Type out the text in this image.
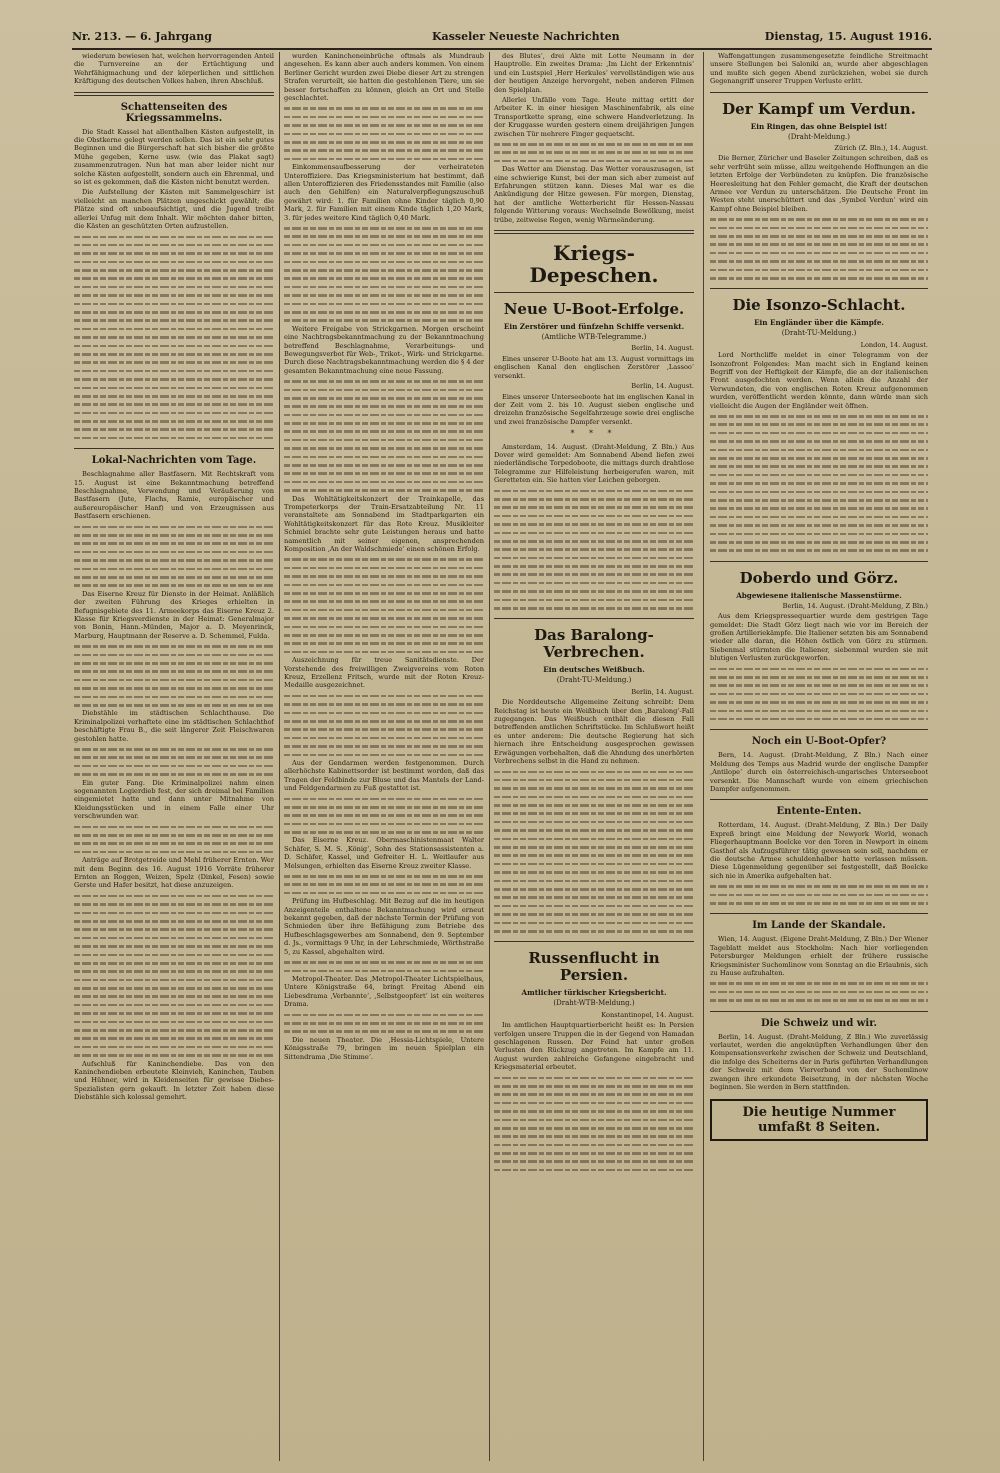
Nr. 213. — 6. Jahrgang	Kasseler Neueste Nachrichten	Dienstag, 15. August 1916.

wiederum bewiesen hat, welchen hervorragenden Anteil die Turnvereine an der Ertüchtigung und Wehrfähigmachung und der körperlichen und sittlichen Kräftigung des deutschen Volkes haben, ihren Abschluß.

Schattenseiten des Kriegssammelns.

Die Stadt Kassel hat allenthalben Kästen aufgestellt, in die Obstkerne gelegt werden sollen. Das ist ein sehr gutes Beginnen und die Bürgerschaft hat sich bisher die größte Mühe gegeben, Kerne usw. (wie das Plakat sagt) zusammenzutragen. Nun hat man aber leider nicht nur solche Kästen aufgestellt, sondern auch ein Ehrenmal, und so ist es gekommen, daß die Kästen nicht benutzt werden.

Die Aufstellung der Kästen mit Sammelgeschirr ist vielleicht an manchen Plätzen ungeschickt gewählt; die Plätze sind oft unbeaufsichtigt, und die Jugend treibt allerlei Unfug mit dem Inhalt. Wir möchten daher bitten, die Kästen an geschützten Orten aufzustellen.

Lokal-Nachrichten vom Tage.

Beschlagnahme aller Bastfasern. Mit Rechtskraft vom 15. August ist eine Bekanntmachung betreffend Beschlagnahme, Verwendung und Veräußerung von Bastfasern (Jute, Flachs, Ramie, europäischer und außereuropäischer Hanf) und von Erzeugnissen aus Bastfasern erschienen.

Das Eiserne Kreuz für Dienste in der Heimat. Anläßlich der zweiten Führung des Krieges erhielten in Befugnisgebiete des 11. Armeekorps das Eiserne Kreuz 2. Klasse für Kriegsverdienste in der Heimat: Generalmajor von Bonin, Hann.-Münden, Major a. D. Meyenrinck, Marburg, Hauptmann der Reserve a. D. Schemmel, Fulda.

Diebstähle im städtischen Schlachthause. Die Kriminalpolizei verhaftete eine im städtischen Schlachthof beschäftigte Frau B., die seit längerer Zeit Fleischwaren gestohlen hatte.

Ein guter Fang. Die Kriminalpolizei nahm einen sogenannten Logierdieb fest, der sich dreimal bei Familien eingemietet hatte und dann unter Mitnahme von Kleidungsstücken und in einem Falle einer Uhr verschwunden war.

Anträge auf Brotgetreide und Mehl früherer Ernten. Wer mit dem Beginn des 16. August 1916 Vorräte früherer Ernten an Roggen, Weizen, Spelz (Dinkel, Fesen) sowie Gerste und Hafer besitzt, hat diese anzuzeigen.

Aufschluß für Kaninchendiebe. Das von den Kaninchendieben erbeutete Kleinvieh, Kaninchen, Tauben und Hühner, wird in Kleidenseiten für gewisse Diebes-Spezialisten gern gekauft. In letzter Zeit haben diese Diebstähle sich kolossal gemehrt.

wurden Kanincheneinbrüche oftmals als Mundraub angesehen. Es kann aber auch anders kommen. Von einem Berliner Gericht wurden zwei Diebe dieser Art zu strengen Strafen verurteilt, sie hatten die gestohlenen Tiere, um sie besser fortschaffen zu können, gleich an Ort und Stelle geschlachtet.

Einkommensaufbesserung der verheirateten Unteroffiziere. Das Kriegsministerium hat bestimmt, daß allen Unteroffizieren des Friedensstandes mit Familie (also auch den Gehilfen) ein Naturalverpflegungszuschuß gewährt wird: 1. für Familien ohne Kinder täglich 0,90 Mark, 2. für Familien mit einem Kinde täglich 1,20 Mark, 3. für jedes weitere Kind täglich 0,40 Mark.

Weitere Freigabe von Strickgarnen. Morgen erscheint eine Nachtragsbekanntmachung zu der Bekanntmachung betreffend Beschlagnahme, Verarbeitungs- und Bewegungsverbot für Web-, Trikot-, Wirk- und Strickgarne. Durch diese Nachtragsbekanntmachung werden die § 4 der gesamten Bekanntmachung eine neue Fassung.

Das Wohltätigkeitskonzert der Trainkapelle, das Trompeterkorps der Train-Ersatzabteilung Nr. 11 veranstaltete am Sonnabend im Stadtparkgarten ein Wohltätigkeitskonzert für das Rote Kreuz. Musikleiter Schmiel brachte sehr gute Leistungen heraus und hatte namentlich mit seiner eigenen, ansprechenden Komposition ‚An der Waldschmiede‘ einen schönen Erfolg.

Auszeichnung für treue Sanitätsdienste. Der Vorstehende des freiwilligen Zweigvereins vom Roten Kreuz, Erzellenz Fritsch, wurde mit der Roten Kreuz-Medaille ausgezeichnet.

Aus der Gendarmen werden festgenommen. Durch allerhöchste Kabinettsorder ist bestimmt worden, daß das Tragen der Feldbinde zur Bluse und das Mantels der Land- und Feldgendarmen zu Fuß gestattet ist.

Das Eiserne Kreuz. Obermaschinistenmaat Walter Schäfer, S. M. S. ‚König‘, Sohn des Stationsassistenten a. D. Schäfer, Kassel, und Gefreiter H. L. Weitlaufer aus Melsungen, erhielten das Eiserne Kreuz zweiter Klasse.

Prüfung im Hufbeschlag. Mit Bezug auf die im heutigen Anzeigenteile enthaltene Bekanntmachung wird erneut bekannt gegeben, daß der nächste Termin der Prüfung von Schmieden über ihre Befähigung zum Betriebe des Hufbeschlagsgewerbes am Sonnabend, den 9. September d. Js., vormittags 9 Uhr, in der Lehrschmiede, Wörthstraße 5, zu Kassel, abgehalten wird.

Metropol-Theater. Das ‚Metropol-Theater Lichtspielhaus, Untere Königstraße 64, bringt Freitag Abend ein Liebesdrama ‚Verbannte‘, ‚Selbstgeopfert‘ ist ein weiteres Drama.

Die neuen Theater. Die ‚Hessia-Lichtspiele, Untere Königsstraße 79, bringen im neuen Spielplan ein Sittendrama ‚Die Stimme‘.

des Blutes‘, drei Akte mit Lotte Neumann in der Hauptrolle. Ein zweites Drama: ‚Im Licht der Erkenntnis‘ und ein Lustspiel ‚Herr Herkules‘ vervollständigen wie aus der heutigen Anzeige hervorgeht, neben anderen Filmen den Spielplan.

Allerlei Unfälle vom Tage. Heute mittag ertitt der Arbeiter K. in einer hiesigen Maschinenfabrik, als eine Transportkette sprang, eine schwere Handverletzung. In der Kruggasse wurden gestern einem dreijährigen Jungen zwischen Tür mehrere Finger gequetscht.

Das Wetter am Dienstag. Das Wetter vorauszusagen, ist eine schwierige Kunst, bei der man sich aber zumeist auf Erfahrungen stützen kann. Dieses Mal war es die Ankündigung der Hitze gewesen. Für morgen, Dienstag, hat der amtliche Wetterbericht für Hessen-Nassau folgende Witterung voraus: Wechselnde Bewölkung, meist trübe, zeitweise Regen, wenig Wärmeänderung.

Kriegs-Depeschen.
Neue U-Boot-Erfolge.
Ein Zerstörer und fünfzehn Schiffe versenkt.
(Amtliche WTB-Telegramme.)
Berlin, 14. August.

Eines unserer U-Boote hat am 13. August vormittags im englischen Kanal den englischen Zerstörer ‚Lassoo‘ versenkt.

Berlin, 14. August.

Eines unserer Unterseeboote hat im englischen Kanal in der Zeit vom 2. bis 10. August sieben englische und dreizehn französische Segelfahrzeuge sowie drei englische und zwei französische Dampfer versenkt.

* * *

Amsterdam, 14. August. (Draht-Meldung, Z Bln.) Aus Dover wird gemeldet: Am Sonnabend Abend liefen zwei niederländische Torpedoboote, die mittags durch drahtlose Telegramme zur Hilfeleistung herbeigerufen waren, mit Geretteten ein. Sie hatten vier Leichen geborgen.

Das Baralong-Verbrechen.
Ein deutsches Weißbuch.
(Draht-TU-Meldung.)
Berlin, 14. August.

Die Norddeutsche Allgemeine Zeitung schreibt: Dem Reichstag ist heute ein Weißbuch über den ‚Baralong‘-Fall zugegangen. Das Weißbuch enthält die diesen Fall betreffenden amtlichen Schriftstücke. Im Schlußwort heißt es unter anderem: Die deutsche Regierung hat sich hiernach ihre Entscheidung ausgesprochen gewissen Erwägungen vorbehalten, daß die Ahndung des unerhörten Verbrechens selbst in die Hand zu nehmen.

Russenflucht in Persien.
Amtlicher türkischer Kriegsbericht.
(Draht-WTB-Meldung.)
Konstantinopel, 14. August.

Im amtlichen Hauptquartierbericht heißt es: In Persien verfolgen unsere Truppen die in der Gegend von Hamadan geschlagenen Russen. Der Feind hat unter großen Verlusten den Rückzug angetreten. Im Kampfe am 11. August wurden zahlreiche Gefangene eingebracht und Kriegsmaterial erbeutet.

Waffengattungen zusammengesetzte feindliche Streitmacht unsere Stellungen bei Saloniki an, wurde aber abgeschlagen und mußte sich gegen Abend zurückziehen, wobei sie durch Gegenangriff unserer Truppen Verluste erlitt.

Der Kampf um Verdun.
Ein Ringen, das ohne Beispiel ist!
(Draht-Meldung.)
Zürich (Z. Bln.), 14. August.

Die Berner, Züricher und Baseler Zeitungen schreiben, daß es sehr verfrüht sein müsse, allzu weitgehende Hoffnungen an die letzten Erfolge der Verbündeten zu knüpfen. Die französische Heeresleitung hat den Fehler gemacht, die Kraft der deutschen Armee vor Verdun zu unterschätzen. Die Deutsche Front im Westen steht unerschüttert und das ‚Symbol Verdun‘ wird ein Kampf ohne Beispiel bleiben.

Die Isonzo-Schlacht.
Ein Engländer über die Kämpfe.
(Draht-TU-Meldung.)
London, 14. August.

Lord Northcliffe meldet in einer Telegramm von der Isonzofront Folgendes: Man macht sich in England keinen Begriff von der Heftigkeit der Kämpfe, die an der italienischen Front ausgefochten werden. Wenn allein die Anzahl der Verwundeten, die von englischen Roten Kreuz aufgenommen wurden, veröffentlicht werden könnte, dann würde man sich vielleicht die Augen der Engländer weit öffnen.

Doberdo und Görz.
Abgewiesene italienische Massenstürme.
Berlin, 14. August. (Draht-Meldung, Z Bln.)

Aus dem Kriegspressequartier wurde dem gestrigen Tage gemeldet: Die Stadt Görz liegt nach wie vor im Bereich der großen Artilleriekämpfe. Die Italiener setzten bis am Sonnabend wieder alle daran, die Höhen östlich von Görz zu stürmen. Siebenmal stürmten die Italiener, siebenmal wurden sie mit blutigen Verlusten zurückgeworfen.

Noch ein U-Boot-Opfer?

Bern, 14. August. (Draht-Meldung, Z Bln.) Nach einer Meldung des Temps aus Madrid wurde der englische Dampfer ‚Antilope‘ durch ein österreichisch-ungarisches Unterseeboot versenkt. Die Mannschaft wurde von einem griechischen Dampfer aufgenommen.

Entente-Enten.

Rotterdam, 14. August. (Draht-Meldung, Z Bln.) Der Daily Expreß bringt eine Meldung der Newyork World, wonach Fliegerhauptmann Boelcke vor den Toren in Newport in einem Gasthof als Aufzugsführer tätig gewesen sein soll, nachdem er die deutsche Armee schuldenhalber hatte verlassen müssen. Diese Lügenmeldung gegenüber sei festgestellt, daß Boelcke sich nie in Amerika aufgehalten hat.

Im Lande der Skandale.

Wien, 14. August. (Eigene Draht-Meldung, Z Bln.) Der Wiener Tageblatt meldet aus Stockholm: Nach hier vorliegenden Petersburger Meldungen erhielt der frühere russische Kriegsminister Suchomlinow vom Sonntag an die Erlaubnis, sich zu Hause aufzuhalten.

Die Schweiz und wir.

Berlin, 14. August. (Draht-Meldung, Z Bln.) Wie zuverlässig verlautet, werden die angeknüpften Verhandlungen über den Kompensationsverkehr zwischen der Schweiz und Deutschland, die infolge des Scheiterns der in Paris geführten Verhandlungen der Schweiz mit dem Vierverband von der Suchomlinow zwangen ihre erkundete Beisetzung, in der nächsten Woche beginnen. Sie werden in Bern stattfinden.

Die heutige Nummer umfaßt 8 Seiten.
